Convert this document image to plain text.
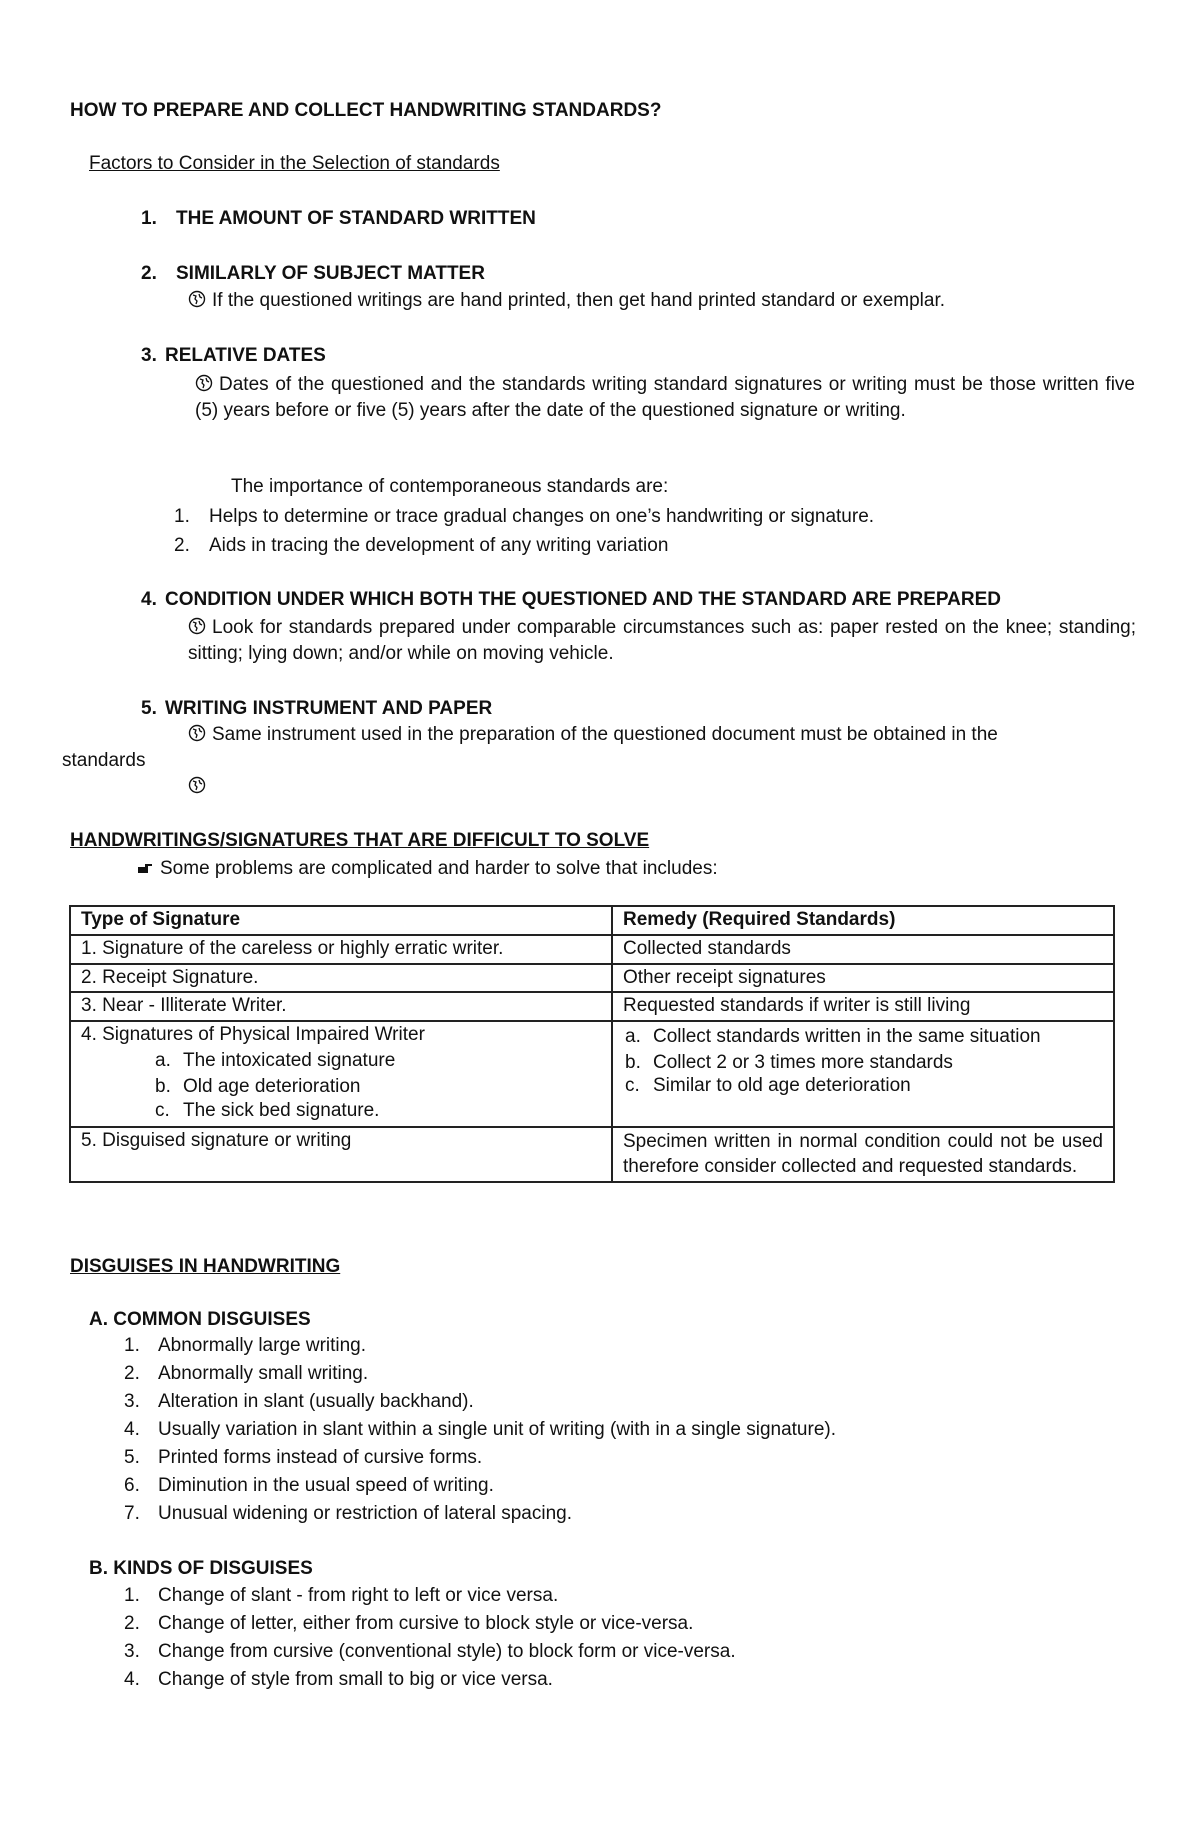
HOW TO PREPARE AND COLLECT HANDWRITING STANDARDS?
Factors to Consider in the Selection of standards
1. THE AMOUNT OF STANDARD WRITTEN
2. SIMILARLY OF SUBJECT MATTER
If the questioned writings are hand printed, then get hand printed standard or exemplar.
3. RELATIVE DATES
Dates of the questioned and the standards writing standard signatures or writing must be those written five (5) years before or five (5) years after the date of the questioned signature or writing.
The importance of contemporaneous standards are:
1. Helps to determine or trace gradual changes on one’s handwriting or signature.
2. Aids in tracing the development of any writing variation
4. CONDITION UNDER WHICH BOTH THE QUESTIONED AND THE STANDARD ARE PREPARED
Look for standards prepared under comparable circumstances such as: paper rested on the knee; standing; sitting; lying down; and/or while on moving vehicle.
5. WRITING INSTRUMENT AND PAPER
Same instrument used in the preparation of the questioned document must be obtained in the
standards
HANDWRITINGS/SIGNATURES THAT ARE DIFFICULT TO SOLVE
Some problems are complicated and harder to solve that includes:
Type of Signature	Remedy (Required Standards)
1. Signature of the careless or highly erratic writer.	Collected standards
2. Receipt Signature.	Other receipt signatures
3. Near - Illiterate Writer.	Requested standards if writer is still living
4. Signatures of Physical Impaired Writer
a. The intoxicated signature
b. Old age deterioration
c. The sick bed signature.	a. Collect standards written in the same situation
b. Collect 2 or 3 times more standards
c. Similar to old age deterioration

5. Disguised signature or writing	Specimen written in normal condition could not be used therefore consider collected and requested standards.
DISGUISES IN HANDWRITING
A. COMMON DISGUISES
1. Abnormally large writing.
2. Abnormally small writing.
3. Alteration in slant (usually backhand).
4. Usually variation in slant within a single unit of writing (with in a single signature).
5. Printed forms instead of cursive forms.
6. Diminution in the usual speed of writing.
7. Unusual widening or restriction of lateral spacing.
B. KINDS OF DISGUISES
1. Change of slant - from right to left or vice versa.
2. Change of letter, either from cursive to block style or vice-versa.
3. Change from cursive (conventional style) to block form or vice-versa.
4. Change of style from small to big or vice versa.
